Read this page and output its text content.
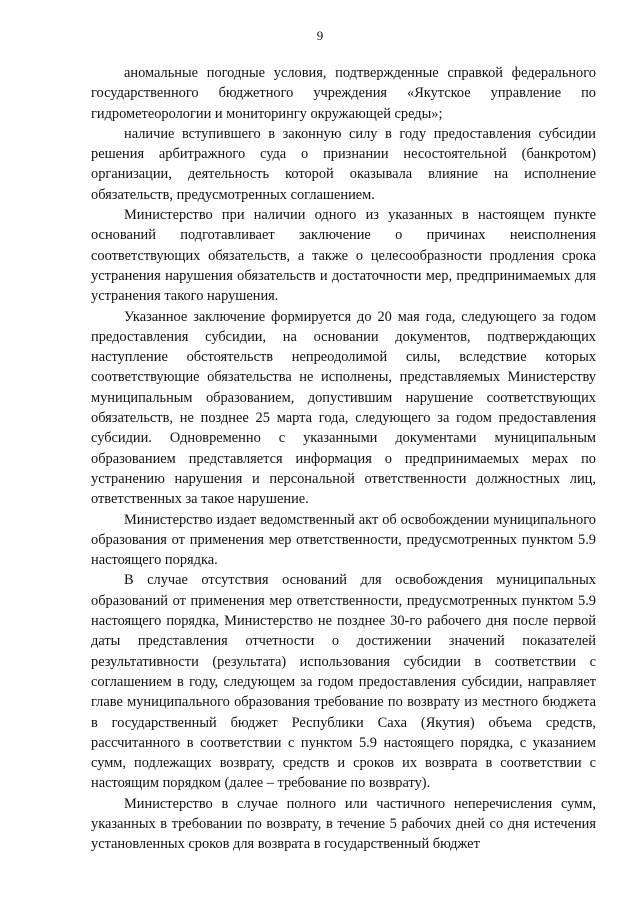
9

аномальные погодные условия, подтвержденные справкой федерального государственного бюджетного учреждения «Якутское управление по гидрометеорологии и мониторингу окружающей среды»;

наличие вступившего в законную силу в году предоставления субсидии решения арбитражного суда о признании несостоятельной (банкротом) организации, деятельность которой оказывала влияние на исполнение обязательств, предусмотренных соглашением.

Министерство при наличии одного из указанных в настоящем пункте оснований подготавливает заключение о причинах неисполнения соответствующих обязательств, а также о целесообразности продления срока устранения нарушения обязательств и достаточности мер, предпринимаемых для устранения такого нарушения.

Указанное заключение формируется до 20 мая года, следующего за годом предоставления субсидии, на основании документов, подтверждающих наступление обстоятельств непреодолимой силы, вследствие которых соответствующие обязательства не исполнены, представляемых Министерству муниципальным образованием, допустившим нарушение соответствующих обязательств, не позднее 25 марта года, следующего за годом предоставления субсидии. Одновременно с указанными документами муниципальным образованием представляется информация о предпринимаемых мерах по устранению нарушения и персональной ответственности должностных лиц, ответственных за такое нарушение.

Министерство издает ведомственный акт об освобождении муниципального образования от применения мер ответственности, предусмотренных пунктом 5.9 настоящего порядка.

В случае отсутствия оснований для освобождения муниципальных образований от применения мер ответственности, предусмотренных пунктом 5.9 настоящего порядка, Министерство не позднее 30-го рабочего дня после первой даты представления отчетности о достижении значений показателей результативности (результата) использования субсидии в соответствии с соглашением в году, следующем за годом предоставления субсидии, направляет главе муниципального образования требование по возврату из местного бюджета в государственный бюджет Республики Саха (Якутия) объема средств, рассчитанного в соответствии с пунктом 5.9 настоящего порядка, с указанием сумм, подлежащих возврату, средств и сроков их возврата в соответствии с настоящим порядком (далее – требование по возврату).

Министерство в случае полного или частичного неперечисления сумм, указанных в требовании по возврату, в течение 5 рабочих дней со дня истечения установленных сроков для возврата в государственный бюджет
